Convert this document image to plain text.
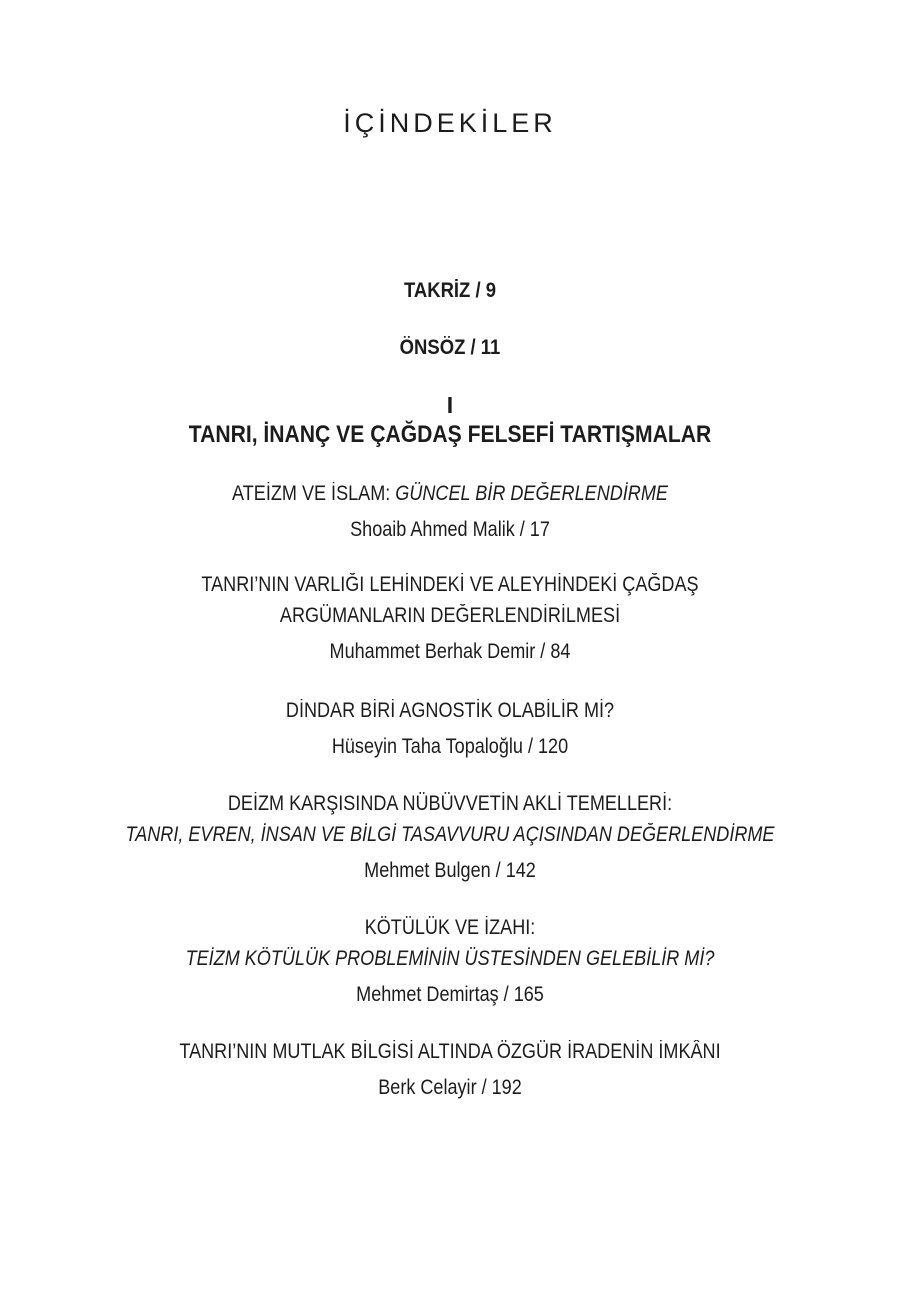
İÇİNDEKİLER
TAKRİZ / 9
ÖNSÖZ / 11
I
TANRI, İNANÇ VE ÇAĞDAŞ FELSEFİ TARTIŞMALAR
ATEİZM VE İSLAM: GÜNCEL BİR DEĞERLENDİRME
Shoaib Ahmed Malik / 17
TANRI’NIN VARLIĞI LEHİNDEKİ VE ALEYHİNDEKİ ÇAĞDAŞ
ARGÜMANLARIN DEĞERLENDİRİLMESİ
Muhammet Berhak Demir / 84
DİNDAR BİRİ AGNOSTİK OLABİLİR Mİ?
Hüseyin Taha Topaloğlu / 120
DEİZM KARŞISINDA NÜBÜVVETİN AKLİ TEMELLERİ:
TANRI, EVREN, İNSAN VE BİLGİ TASAVVURU AÇISINDAN DEĞERLENDİRME
Mehmet Bulgen / 142
KÖTÜLÜK VE İZAHI:
TEİZM KÖTÜLÜK PROBLEMİNİN ÜSTESİNDEN GELEBİLİR Mİ?
Mehmet Demirtaş / 165
TANRI’NIN MUTLAK BİLGİSİ ALTINDA ÖZGÜR İRADENİN İMKÂNI
Berk Celayir / 192
